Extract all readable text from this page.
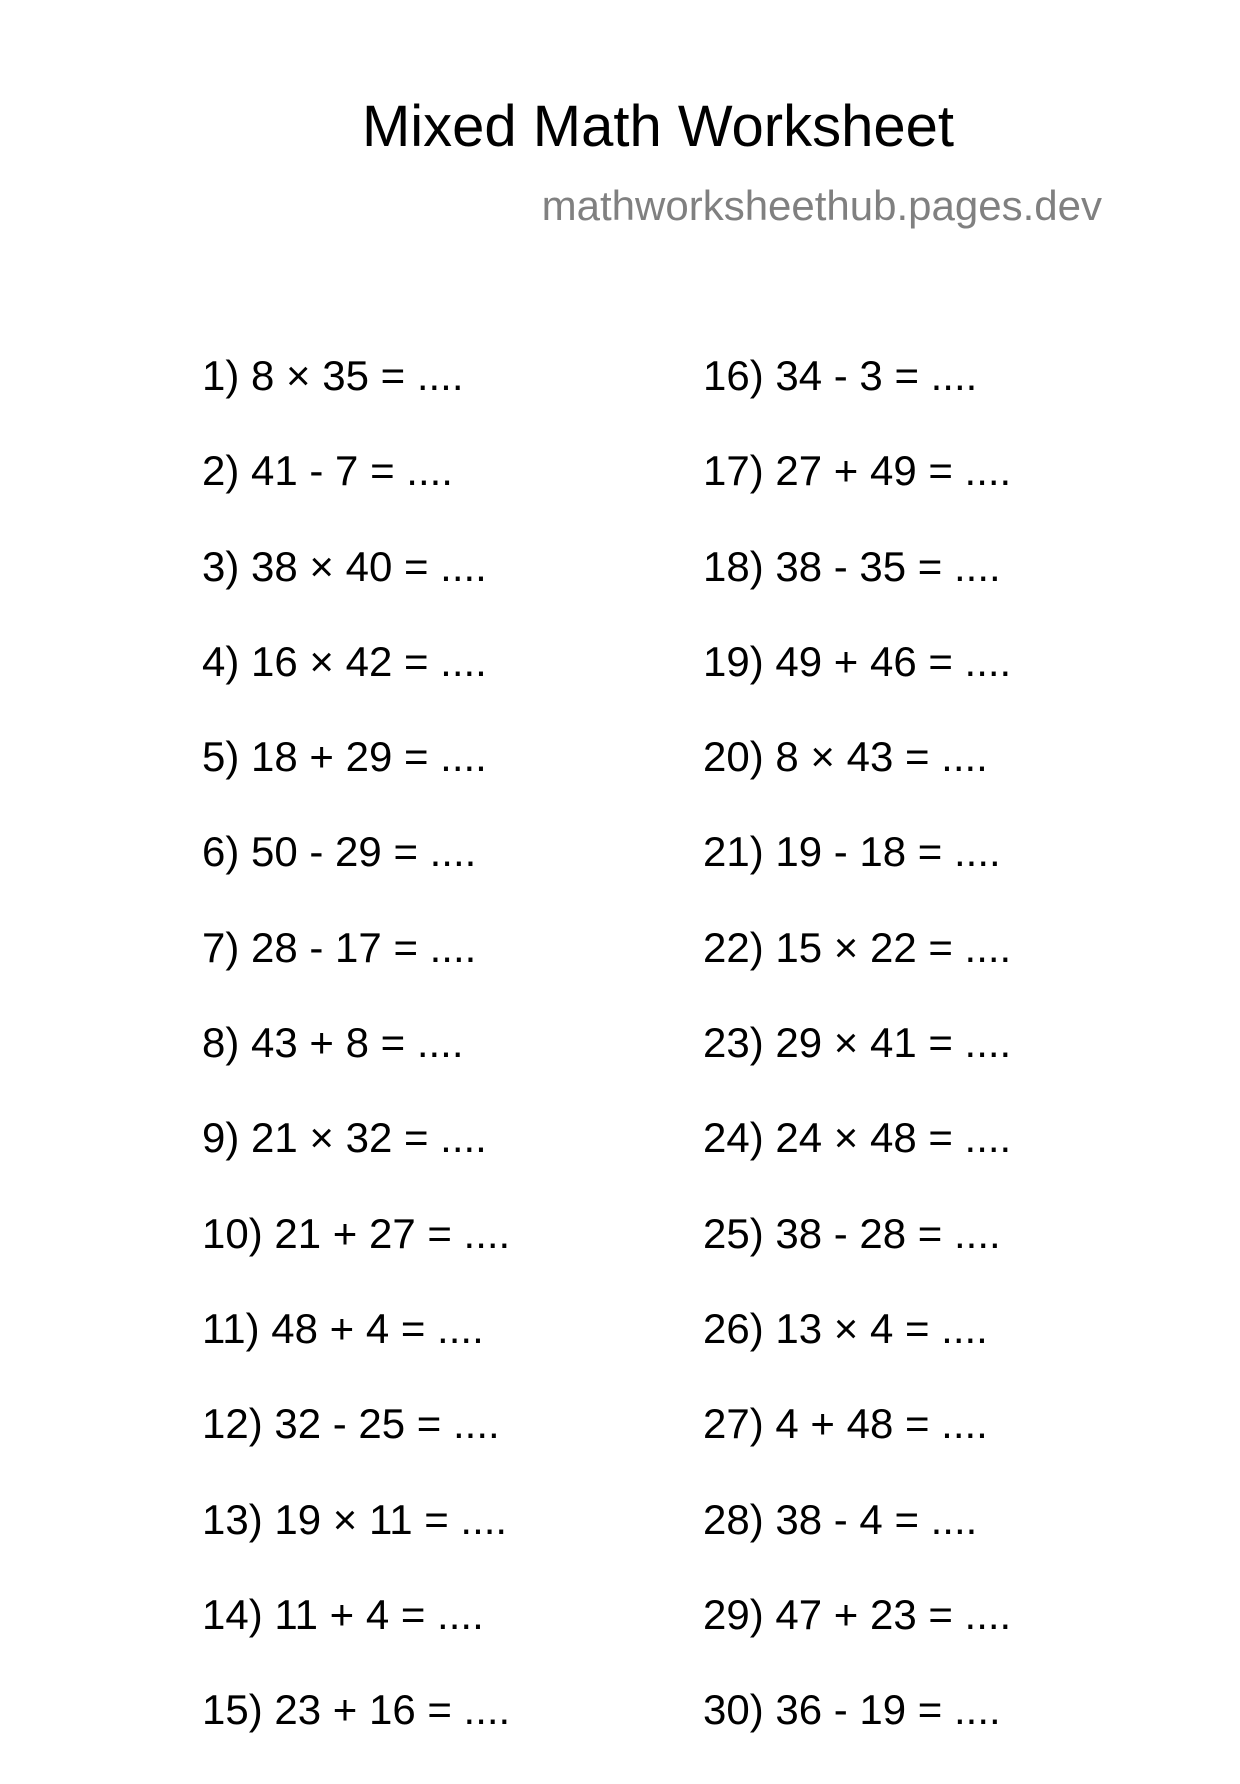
Mixed Math Worksheet
mathworksheethub.pages.dev
1) 8 × 35 = ....
2) 41 - 7 = ....
3) 38 × 40 = ....
4) 16 × 42 = ....
5) 18 + 29 = ....
6) 50 - 29 = ....
7) 28 - 17 = ....
8) 43 + 8 = ....
9) 21 × 32 = ....
10) 21 + 27 = ....
11) 48 + 4 = ....
12) 32 - 25 = ....
13) 19 × 11 = ....
14) 11 + 4 = ....
15) 23 + 16 = ....
16) 34 - 3 = ....
17) 27 + 49 = ....
18) 38 - 35 = ....
19) 49 + 46 = ....
20) 8 × 43 = ....
21) 19 - 18 = ....
22) 15 × 22 = ....
23) 29 × 41 = ....
24) 24 × 48 = ....
25) 38 - 28 = ....
26) 13 × 4 = ....
27) 4 + 48 = ....
28) 38 - 4 = ....
29) 47 + 23 = ....
30) 36 - 19 = ....
